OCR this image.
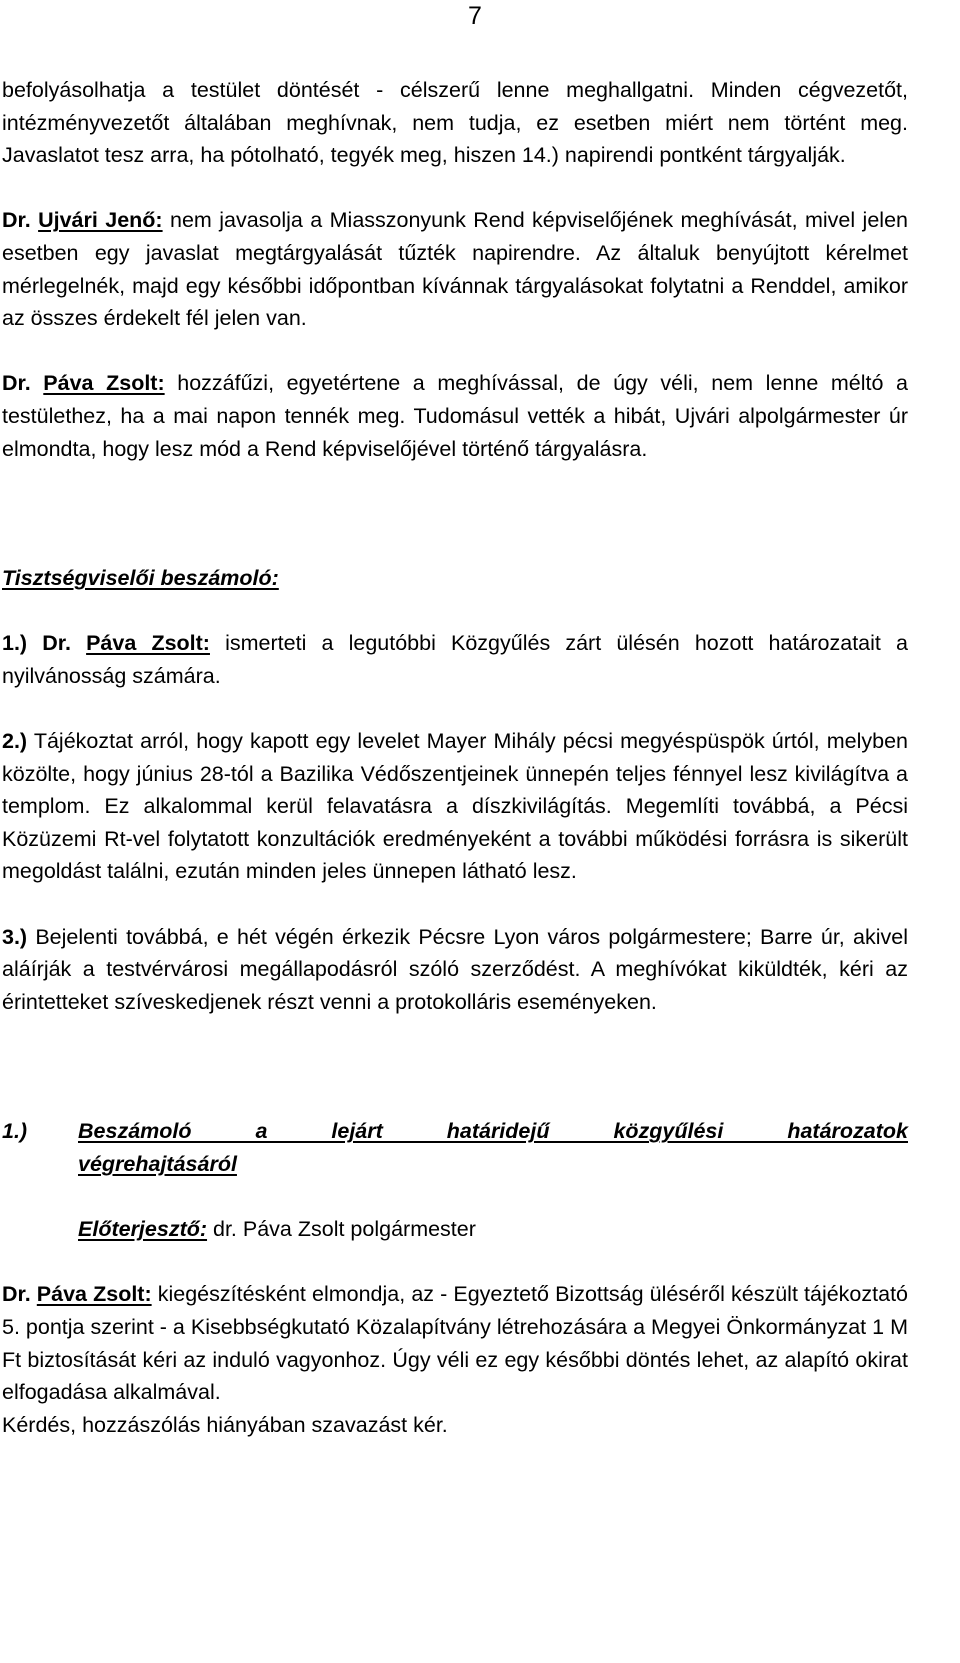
7

befolyásolhatja a testület döntését - célszerű lenne meghallgatni. Minden cégvezetőt, intézményvezetőt általában meghívnak, nem tudja, ez esetben miért nem történt meg. Javaslatot tesz arra, ha pótolható, tegyék meg, hiszen 14.) napirendi pontként tárgyalják.

Dr. Ujvári Jenő: nem javasolja a Miasszonyunk Rend képviselőjének meghívását, mivel jelen esetben egy javaslat megtárgyalását tűzték napirendre. Az általuk benyújtott kérelmet mérlegelnék, majd egy későbbi időpontban kívánnak tárgyalásokat folytatni a Renddel, amikor az összes érdekelt fél jelen van.

Dr. Páva Zsolt: hozzáfűzi, egyetértene a meghívással, de úgy véli, nem lenne méltó a testülethez, ha a mai napon tennék meg. Tudomásul vették a hibát, Ujvári alpolgármester úr elmondta, hogy lesz mód a Rend képviselőjével történő tárgyalásra.

Tisztségviselői beszámoló:

1.) Dr. Páva Zsolt: ismerteti a legutóbbi Közgyűlés zárt ülésén hozott határozatait a nyilvánosság számára.

2.) Tájékoztat arról, hogy kapott egy levelet Mayer Mihály pécsi megyéspüspök úrtól, melyben közölte, hogy június 28-tól a Bazilika Védőszentjeinek ünnepén teljes fénnyel lesz kivilágítva a templom. Ez alkalommal kerül felavatásra a díszkivilágítás. Megemlíti továbbá, a Pécsi Közüzemi Rt-vel folytatott konzultációk eredményeként a további működési forrásra is sikerült megoldást találni, ezután minden jeles ünnepen látható lesz.

3.) Bejelenti továbbá, e hét végén érkezik Pécsre Lyon város polgármestere; Barre úr, akivel aláírják a testvérvárosi megállapodásról szóló szerződést. A meghívókat kiküldték, kéri az érintetteket szíveskedjenek részt venni a protokolláris eseményeken.

1.)	Beszámoló a lejárt határidejű közgyűlési határozatok
végrehajtásáról

Előterjesztő: dr. Páva Zsolt polgármester

Dr. Páva Zsolt: kiegészítésként elmondja, az - Egyeztető Bizottság üléséről készült tájékoztató 5. pontja szerint - a Kisebbségkutató Közalapítvány létrehozására a Megyei Önkormányzat 1 M Ft biztosítását kéri az induló vagyonhoz. Úgy véli ez egy későbbi döntés lehet, az alapító okirat elfogadása alkalmával.

Kérdés, hozzászólás hiányában szavazást kér.
